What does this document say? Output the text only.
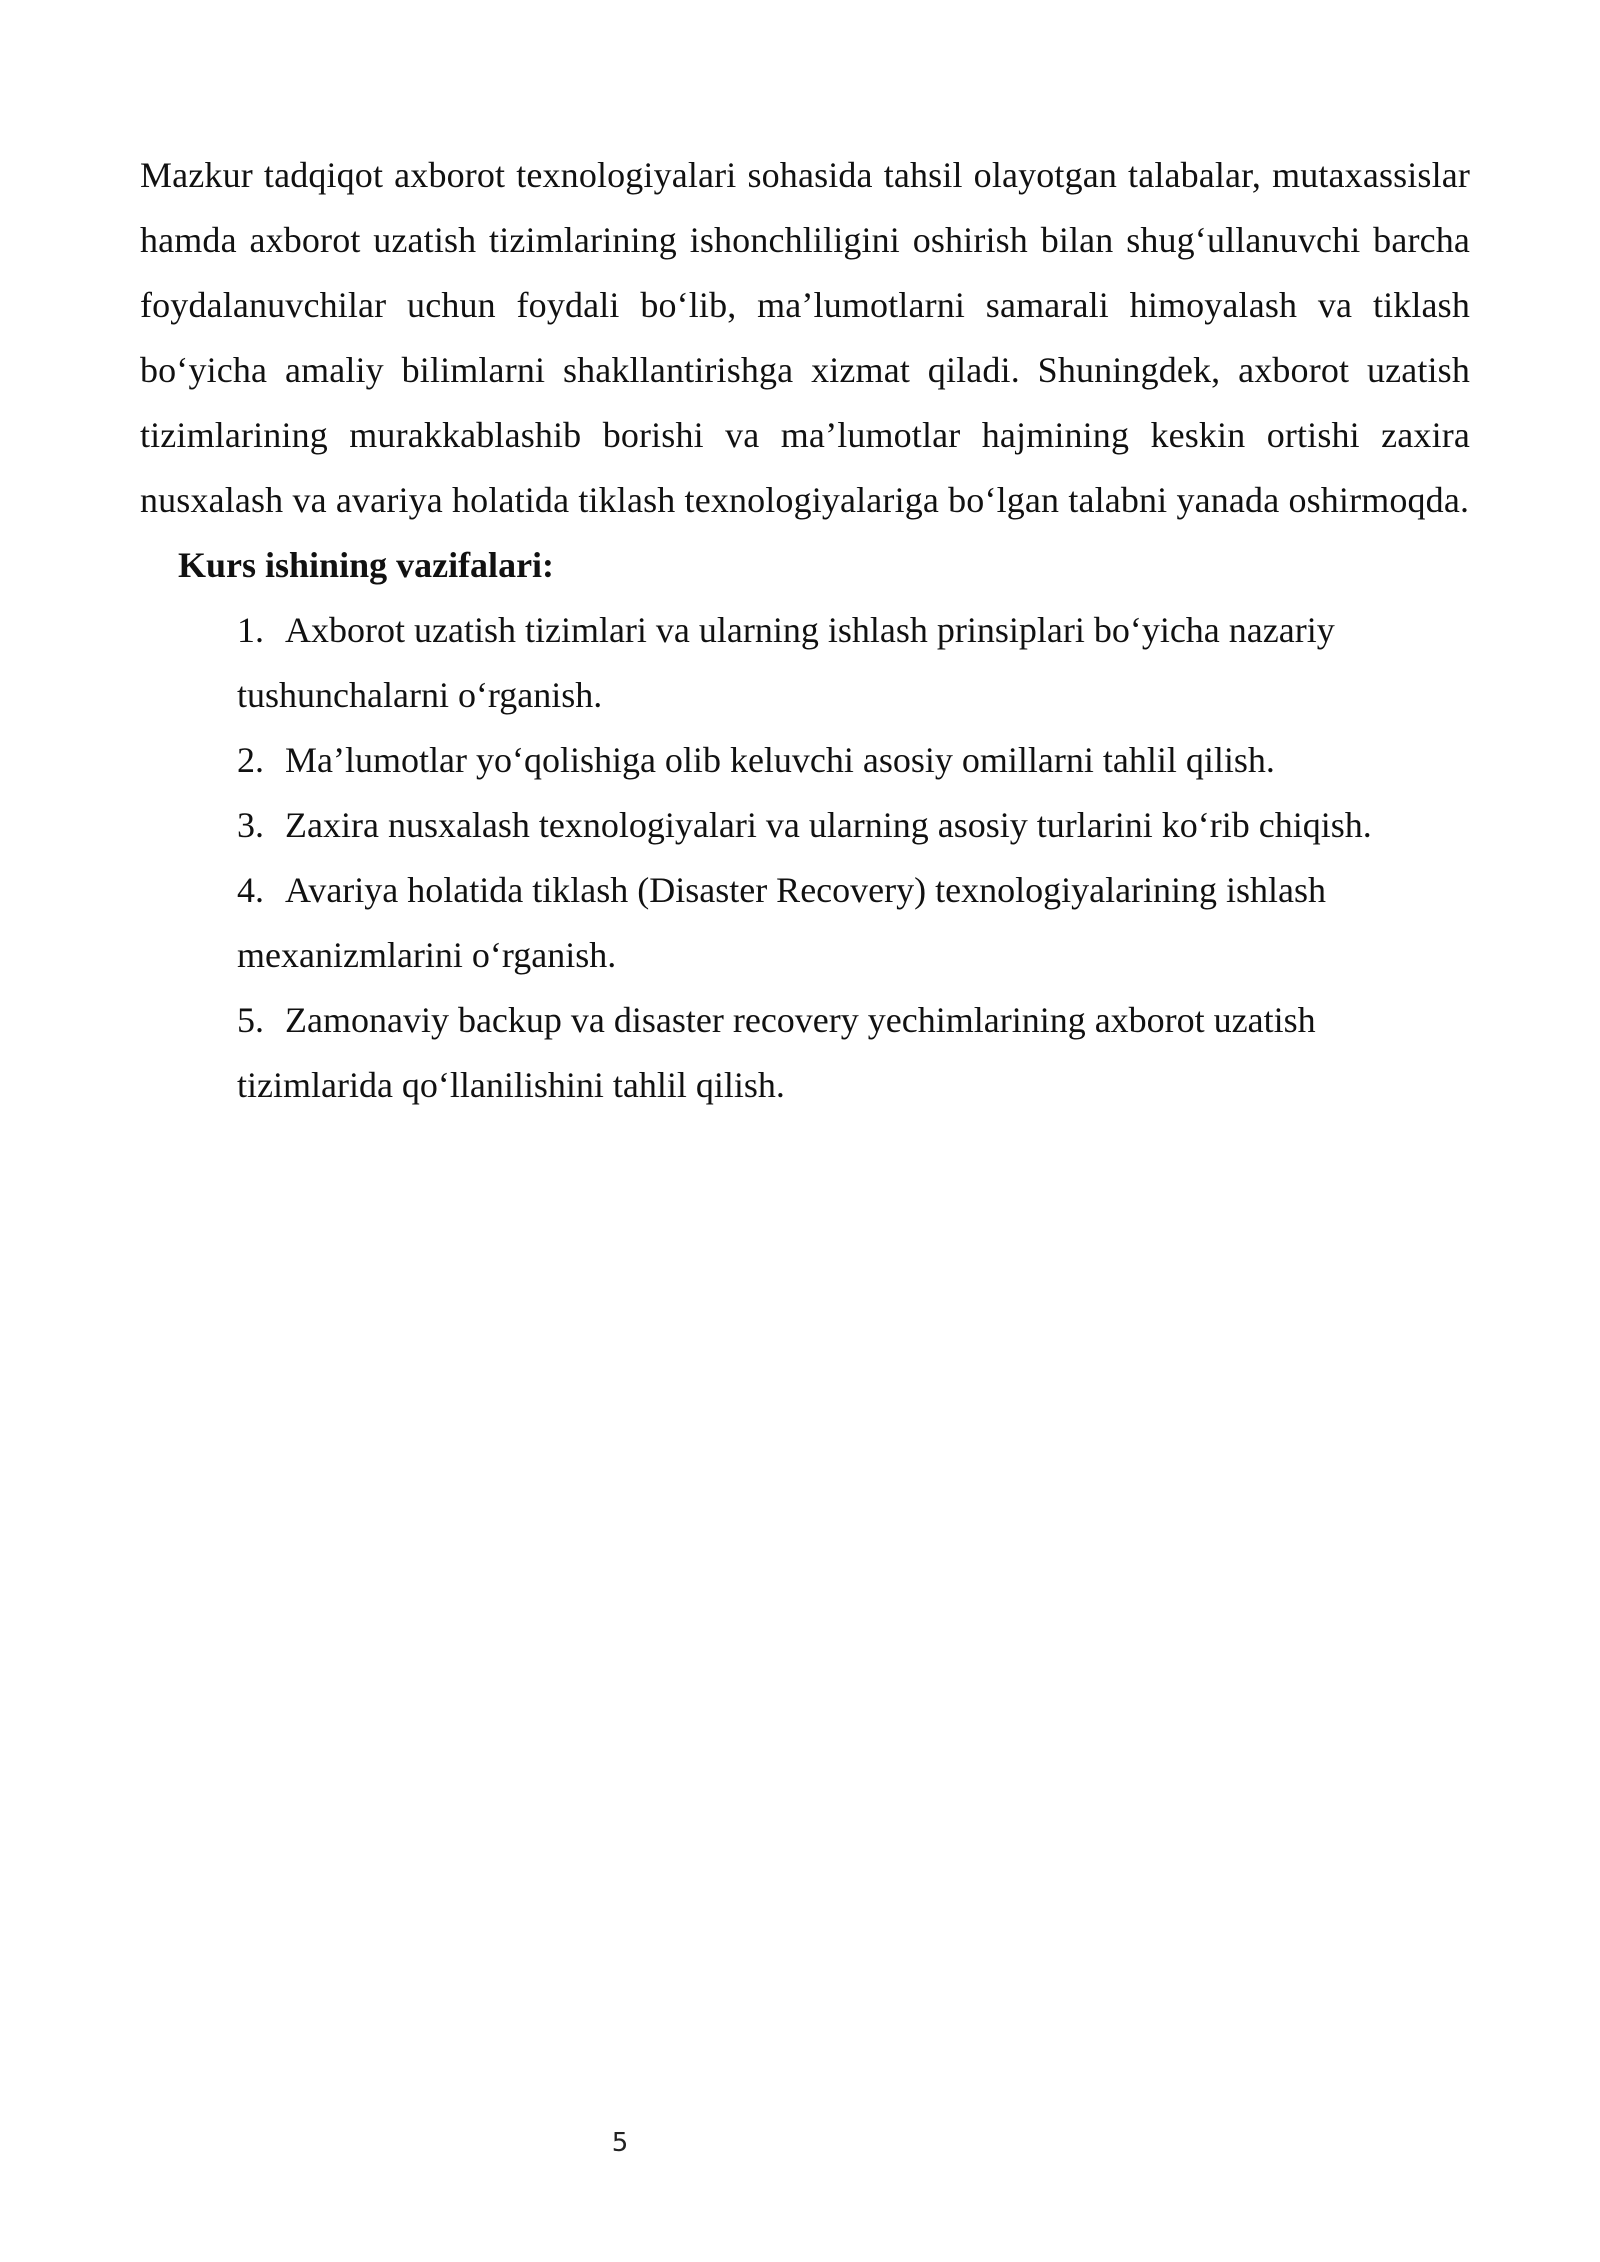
Mazkur tadqiqot axborot texnologiyalari sohasida tahsil olayotgan talabalar, mutaxassislar hamda axborot uzatish tizimlarining ishonchliligini oshirish bilan shug‘ullanuvchi barcha foydalanuvchilar uchun foydali bo‘lib, ma’lumotlarni samarali himoyalash va tiklash bo‘yicha amaliy bilimlarni shakllantirishga xizmat qiladi. Shuningdek, axborot uzatish tizimlarining murakkablashib borishi va ma’lumotlar hajmining keskin ortishi zaxira nusxalash va avariya holatida tiklash texnologiyalariga bo‘lgan talabni yanada oshirmoqda.

Kurs ishining vazifalari:

1. Axborot uzatish tizimlari va ularning ishlash prinsiplari bo‘yicha nazariy tushunchalarni o‘rganish.
2. Ma’lumotlar yo‘qolishiga olib keluvchi asosiy omillarni tahlil qilish.
3. Zaxira nusxalash texnologiyalari va ularning asosiy turlarini ko‘rib chiqish.
4. Avariya holatida tiklash (Disaster Recovery) texnologiyalarining ishlash mexanizmlarini o‘rganish.
5. Zamonaviy backup va disaster recovery yechimlarining axborot uzatish tizimlarida qo‘llanilishini tahlil qilish.
5
